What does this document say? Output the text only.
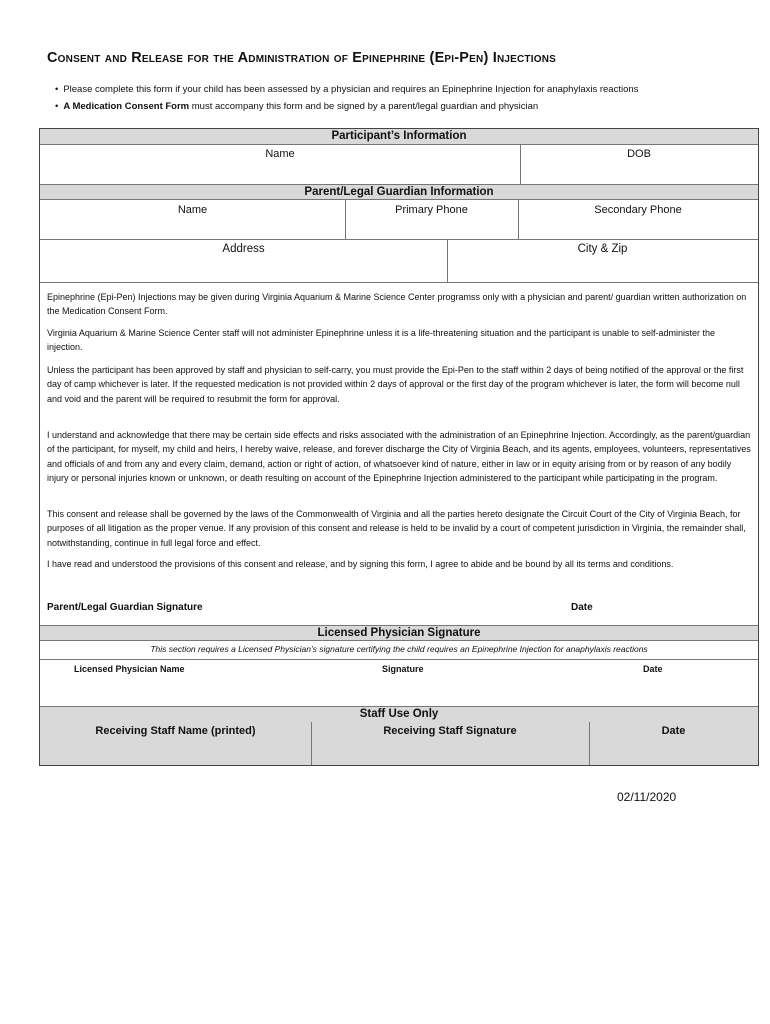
Consent and Release for the Administration of Epinephrine (Epi-Pen) Injections
• Please complete this form if your child has been assessed by a physician and requires an Epinephrine Injection for anaphylaxis reactions
• A Medication Consent Form must accompany this form and be signed by a parent/legal guardian and physician
Participant’s Information
Name	DOB
Parent/Legal Guardian Information
Name	Primary Phone	Secondary Phone
Address	City & Zip
Epinephrine (Epi-Pen) Injections may be given during Virginia Aquarium & Marine Science Center programss only with a physician and parent/ guardian written authorization on the Medication Consent Form.
Virginia Aquarium & Marine Science Center staff will not administer Epinephrine unless it is a life-threatening situation and the participant is unable to self-administer the injection.
Unless the participant has been approved by staff and physician to self-carry, you must provide the Epi-Pen to the staff within 2 days of being notified of the approval or the first day of camp whichever is later. If the requested medication is not provided within 2 days of approval or the first day of the program whichever is later, the form will become null and void and the parent will be required to resubmit the form for approval.
I understand and acknowledge that there may be certain side effects and risks associated with the administration of an Epinephrine Injection. Accordingly, as the parent/guardian of the participant, for myself, my child and heirs, I hereby waive, release, and forever discharge the City of Virginia Beach, and its agents, employees, volunteers, representatives and officials of and from any and every claim, demand, action or right of action, of whatsoever kind of nature, either in law or in equity arising from or by reason of any bodily injury or personal injuries known or unknown, or death resulting on account of the Epinephrine Injection administered to the participant while participating in the program.
This consent and release shall be governed by the laws of the Commonwealth of Virginia and all the parties hereto designate the Circuit Court of the City of Virginia Beach, for purposes of all litigation as the proper venue. If any provision of this consent and release is held to be invalid by a court of competent jurisdiction in Virginia, the remainder shall, notwithstanding, continue in full legal force and effect.
I have read and understood the provisions of this consent and release, and by signing this form, I agree to abide and be bound by all its terms and conditions.
Parent/Legal Guardian Signature	Date
Licensed Physician Signature
This section requires a Licensed Physician’s signature certifying the child requires an Epinephrine Injection for anaphylaxis reactions
Licensed Physician Name	Signature	Date
Staff Use Only
Receiving Staff Name (printed)	Receiving Staff Signature	Date
02/11/2020
